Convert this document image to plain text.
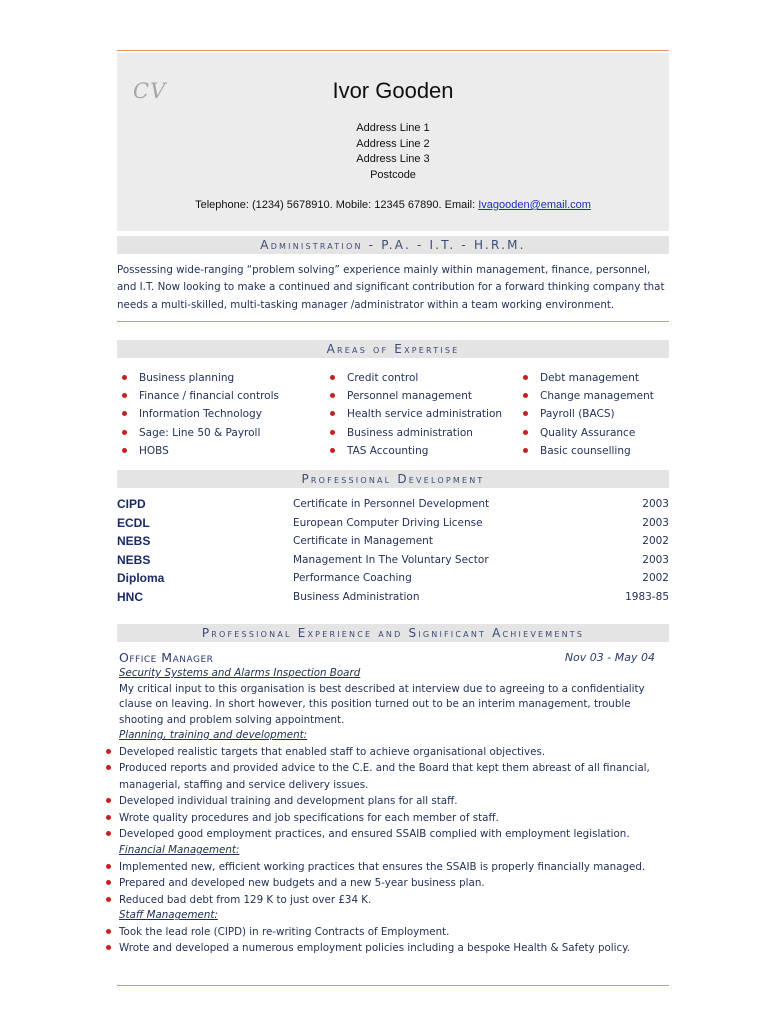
CV	Ivor Gooden
Address Line 1
Address Line 2
Address Line 3
Postcode
Telephone: (1234) 5678910. Mobile: 12345 67890. Email: Ivagooden@email.com
Administration - P.A. - I.T. - H.R.M.
Possessing wide-ranging “problem solving” experience mainly within management, finance, personnel, and I.T. Now looking to make a continued and significant contribution for a forward thinking company that needs a multi-skilled, multi-tasking manager /administrator within a team working environment.
Areas of Expertise
Business planning
Finance / financial controls
Information Technology
Sage: Line 50 & Payroll
HOBS
Credit control
Personnel management
Health service administration
Business administration
TAS Accounting
Debt management
Change management
Payroll (BACS)
Quality Assurance
Basic counselling
Professional Development
CIPD	Certificate in Personnel Development	2003
ECDL	European Computer Driving License	2003
NEBS	Certificate in Management	2002
NEBS	Management In The Voluntary Sector	2003
Diploma	Performance Coaching	2002
HNC	Business Administration	1983-85
Professional Experience and Significant Achievements
Office Manager	Nov 03 - May 04
Security Systems and Alarms Inspection Board
My critical input to this organisation is best described at interview due to agreeing to a confidentiality clause on leaving. In short however, this position turned out to be an interim management, trouble shooting and problem solving appointment.
Planning, training and development:
Developed realistic targets that enabled staff to achieve organisational objectives.
Produced reports and provided advice to the C.E. and the Board that kept them abreast of all financial, managerial, staffing and service delivery issues.
Developed individual training and development plans for all staff.
Wrote quality procedures and job specifications for each member of staff.
Developed good employment practices, and ensured SSAIB complied with employment legislation.
Financial Management:
Implemented new, efficient working practices that ensures the SSAIB is properly financially managed.
Prepared and developed new budgets and a new 5-year business plan.
Reduced bad debt from 129 K to just over £34 K.
Staff Management:
Took the lead role (CIPD) in re-writing Contracts of Employment.
Wrote and developed a numerous employment policies including a bespoke Health & Safety policy.
